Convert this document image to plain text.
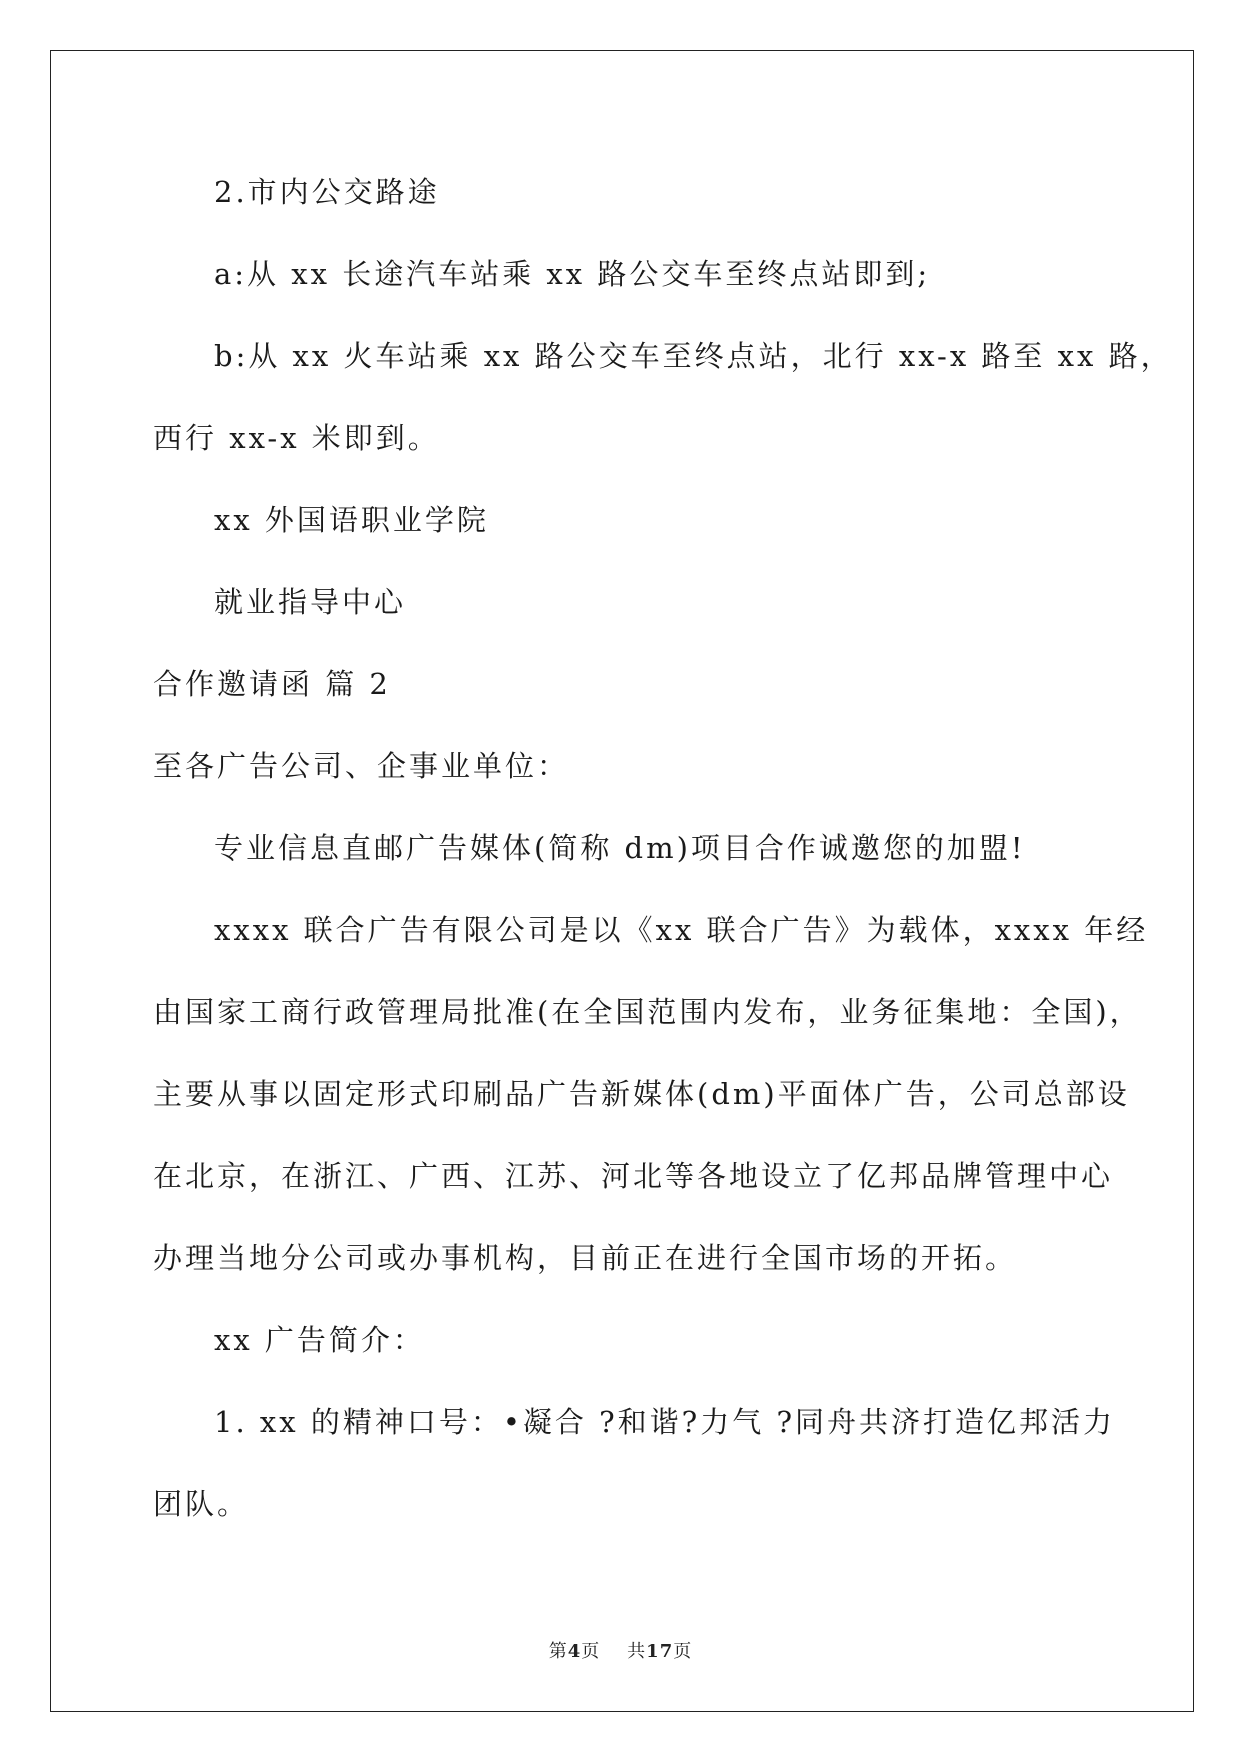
2.市内公交路途
a:从 xx 长途汽车站乘 xx 路公交车至终点站即到;
b:从 xx 火车站乘 xx 路公交车至终点站，北行 xx-x 路至 xx 路，
西行 xx-x 米即到。
xx 外国语职业学院
就业指导中心
合作邀请函 篇 2
至各广告公司、企事业单位：
专业信息直邮广告媒体(简称 dm)项目合作诚邀您的加盟!
xxxx 联合广告有限公司是以《xx 联合广告》为载体，xxxx 年经
由国家工商行政管理局批准(在全国范围内发布，业务征集地：全国)，
主要从事以固定形式印刷品广告新媒体(dm)平面体广告，公司总部设
在北京，在浙江、广西、江苏、河北等各地设立了亿邦品牌管理中心
办理当地分公司或办事机构，目前正在进行全国市场的开拓。
xx 广告简介：
1. xx 的精神口号：•凝合 ?和谐?力气 ?同舟共济打造亿邦活力
团队。
第4页 共17页
